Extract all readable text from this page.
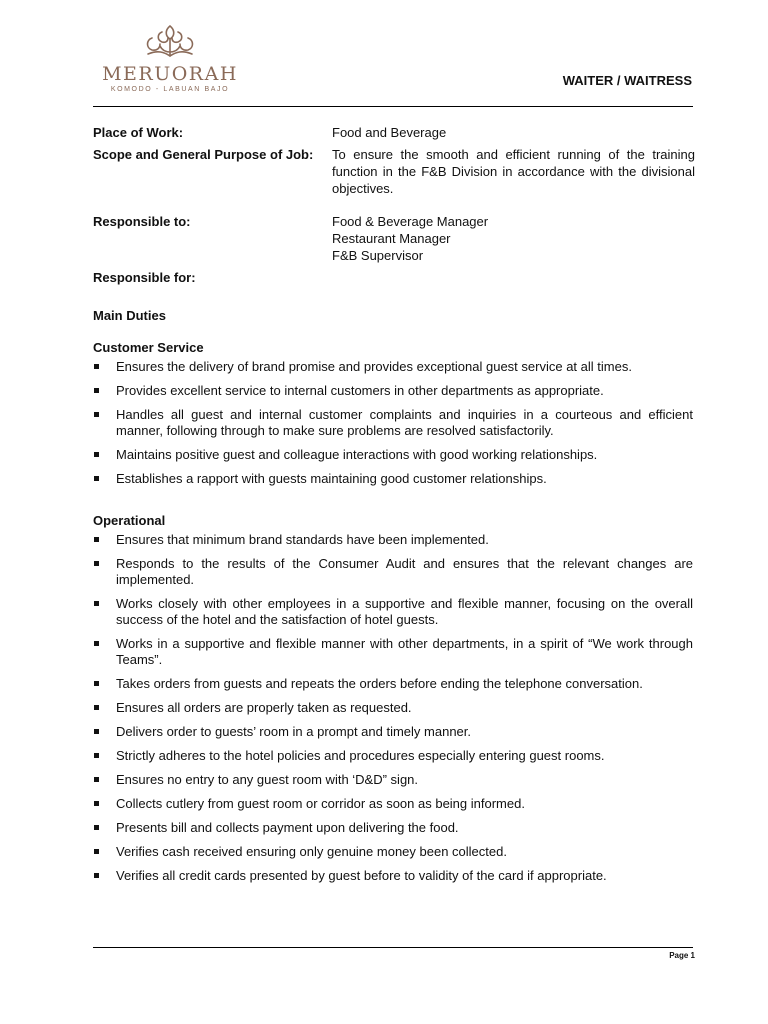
MERUORAH
KOMODO - LABUAN BAJO
WAITER / WAITRESS
Place of Work:	Food and Beverage
Scope and General Purpose of Job:	To ensure the smooth and efficient running of the training function in the F&B Division in accordance with the divisional objectives.
Responsible to:	Food & Beverage Manager
Restaurant Manager
F&B Supervisor
Responsible for:
Main Duties
Customer Service
Ensures the delivery of brand promise and provides exceptional guest service at all times.
Provides excellent service to internal customers in other departments as appropriate.
Handles all guest and internal customer complaints and inquiries in a courteous and efficient manner, following through to make sure problems are resolved satisfactorily.
Maintains positive guest and colleague interactions with good working relationships.
Establishes a rapport with guests maintaining good customer relationships.
Operational
Ensures that minimum brand standards have been implemented.
Responds to the results of the Consumer Audit and ensures that the relevant changes are implemented.
Works closely with other employees in a supportive and flexible manner, focusing on the overall success of the hotel and the satisfaction of hotel guests.
Works in a supportive and flexible manner with other departments, in a spirit of “We work through Teams”.
Takes orders from guests and repeats the orders before ending the telephone conversation.
Ensures all orders are properly taken as requested.
Delivers order to guests’ room in a prompt and timely manner.
Strictly adheres to the hotel policies and procedures especially entering guest rooms.
Ensures no entry to any guest room with ‘D&D” sign.
Collects cutlery from guest room or corridor as soon as being informed.
Presents bill and collects payment upon delivering the food.
Verifies cash received ensuring only genuine money been collected.
Verifies all credit cards presented by guest before to validity of the card if appropriate.
Page 1
